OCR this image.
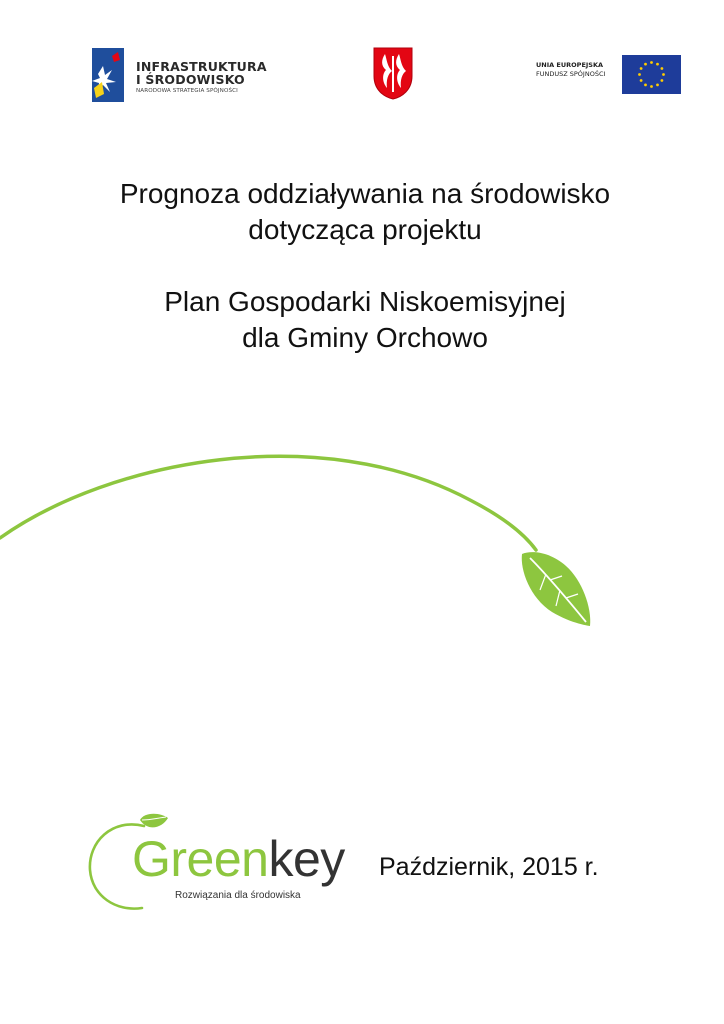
INFRASTRUKTURA
I ŚRODOWISKO
NARODOWA STRATEGIA SPÓJNOŚCI
UNIA EUROPEJSKA
FUNDUSZ SPÓJNOŚCI
Prognoza oddziaływania na środowisko
dotycząca projektu
Plan Gospodarki Niskoemisyjnej
dla Gminy Orchowo
Greenkey
Rozwiązania dla środowiska
Październik, 2015 r.
